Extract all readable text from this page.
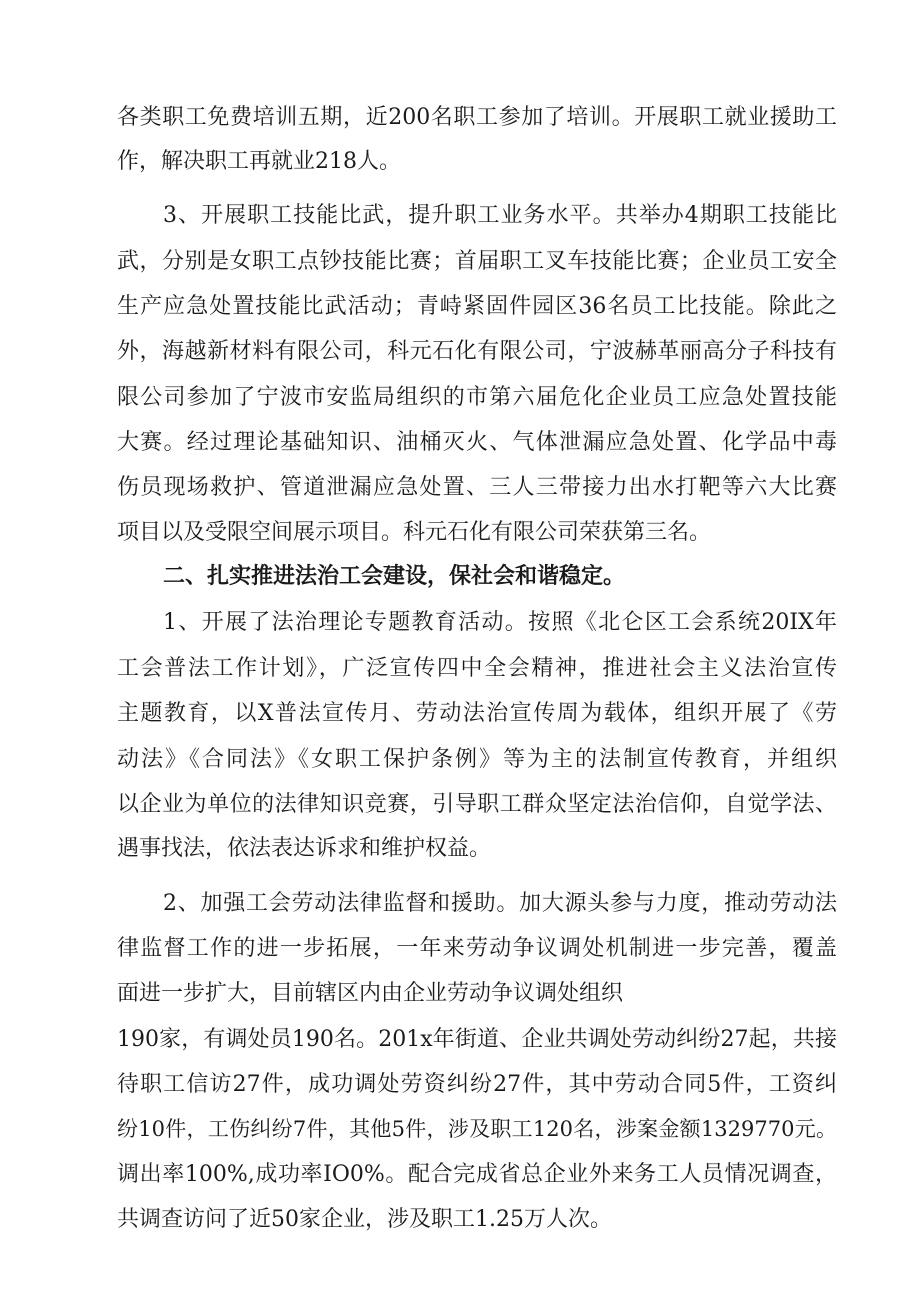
各类职工免费培训五期，近200名职工参加了培训。开展职工就业援助工
作，解决职工再就业218人。
3、开展职工技能比武，提升职工业务水平。共举办4期职工技能比
武，分别是女职工点钞技能比赛；首届职工叉车技能比赛；企业员工安全
生产应急处置技能比武活动；青峙紧固件园区36名员工比技能。除此之
外，海越新材料有限公司，科元石化有限公司，宁波赫革丽高分子科技有
限公司参加了宁波市安监局组织的市第六届危化企业员工应急处置技能
大赛。经过理论基础知识、油桶灭火、气体泄漏应急处置、化学品中毒
伤员现场救护、管道泄漏应急处置、三人三带接力出水打靶等六大比赛
项目以及受限空间展示项目。科元石化有限公司荣获第三名。
二、扎实推进法治工会建设，保社会和谐稳定。
1、开展了法治理论专题教育活动。按照《北仑区工会系统20IX年
工会普法工作计划》，广泛宣传四中全会精神，推进社会主义法治宣传
主题教育，以X普法宣传月、劳动法治宣传周为载体，组织开展了《劳
动法》《合同法》《女职工保护条例》等为主的法制宣传教育，并组织
以企业为单位的法律知识竞赛，引导职工群众坚定法治信仰，自觉学法、
遇事找法，依法表达诉求和维护权益。
2、加强工会劳动法律监督和援助。加大源头参与力度，推动劳动法
律监督工作的进一步拓展，一年来劳动争议调处机制进一步完善，覆盖
面进一步扩大，目前辖区内由企业劳动争议调处组织
190家，有调处员190名。201x年街道、企业共调处劳动纠纷27起，共接
待职工信访27件，成功调处劳资纠纷27件，其中劳动合同5件，工资纠
纷10件，工伤纠纷7件，其他5件，涉及职工120名，涉案金额1329770元。
调出率100%,成功率IO0%。配合完成省总企业外来务工人员情况调查，
共调查访问了近50家企业，涉及职工1.25万人次。
